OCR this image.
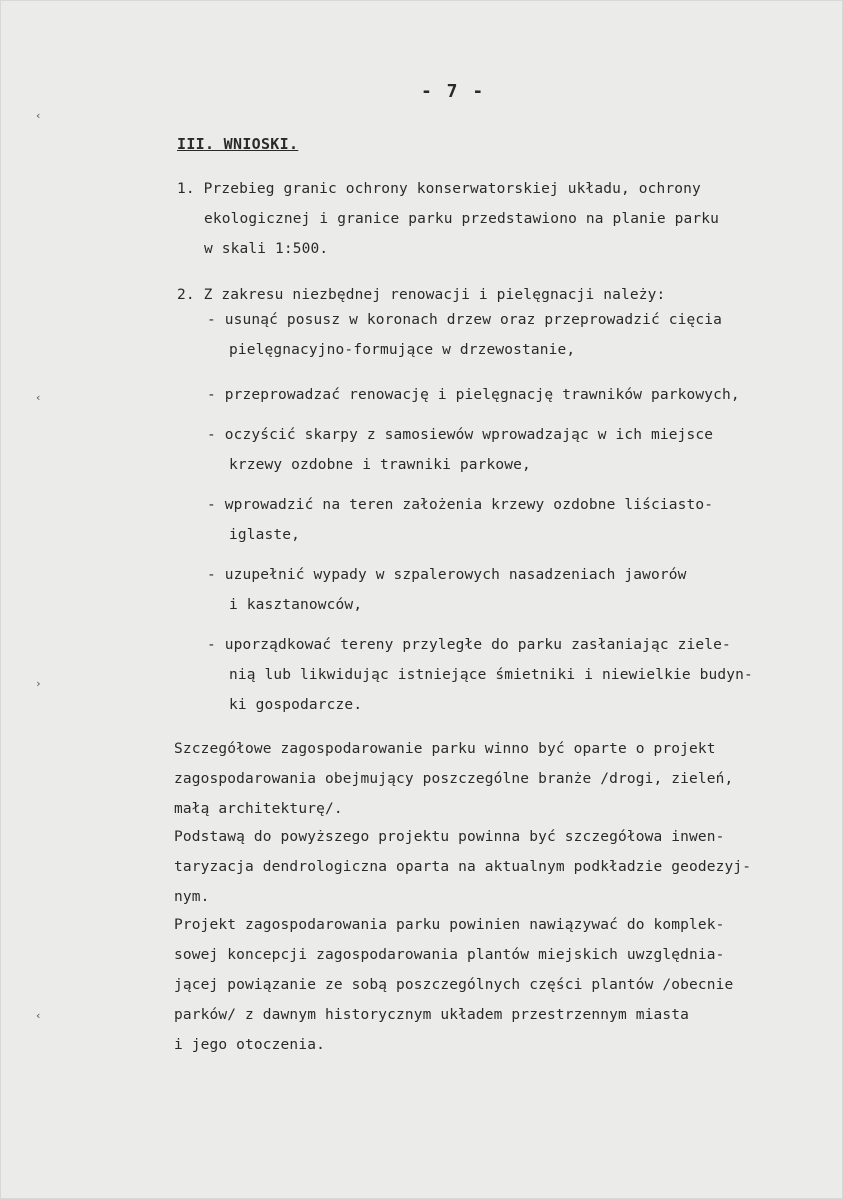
‹
‹
›
‹
- 7 -
III. WNIOSKI.
1. Przebieg granic ochrony konserwatorskiej układu, ochrony
ekologicznej i granice parku przedstawiono na planie parku
w skali 1:500.
2. Z zakresu niezbędnej renowacji i pielęgnacji należy:
- usunąć posusz w koronach drzew oraz przeprowadzić cięcia
pielęgnacyjno-formujące w drzewostanie,
- przeprowadzać renowację i pielęgnację trawników parkowych,
- oczyścić skarpy z samosiewów wprowadzając w ich miejsce
krzewy ozdobne i trawniki parkowe,
- wprowadzić na teren założenia krzewy ozdobne liściasto-
iglaste,
- uzupełnić wypady w szpalerowych nasadzeniach jaworów
i kasztanowców,
- uporządkować tereny przyległe do parku zasłaniając ziele-
nią lub likwidując istniejące śmietniki i niewielkie budyn-
ki gospodarcze.
Szczegółowe zagospodarowanie parku winno być oparte o projekt
zagospodarowania obejmujący poszczególne branże /drogi, zieleń,
małą architekturę/.
Podstawą do powyższego projektu powinna być szczegółowa inwen-
taryzacja dendrologiczna oparta na aktualnym podkładzie geodezyj-
nym.
Projekt zagospodarowania parku powinien nawiązywać do komplek-
sowej koncepcji zagospodarowania plantów miejskich uwzględnia-
jącej powiązanie ze sobą poszczególnych części plantów /obecnie
parków/ z dawnym historycznym układem przestrzennym miasta
i jego otoczenia.
